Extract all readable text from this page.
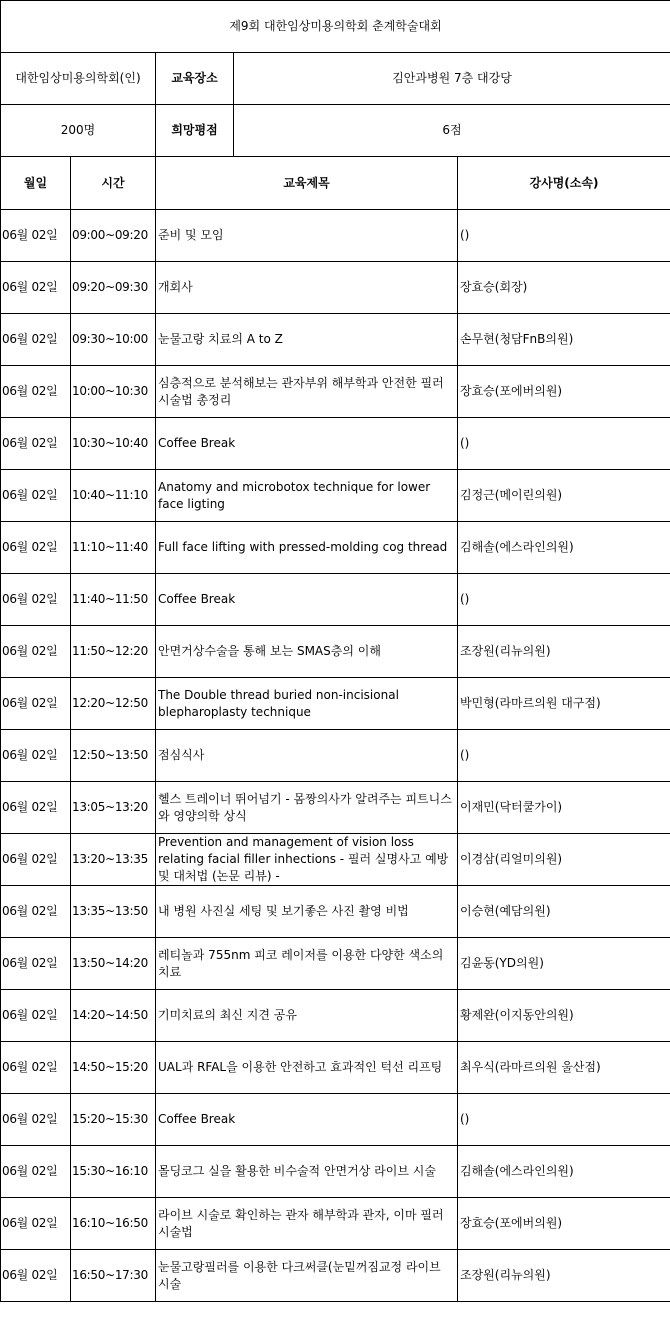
제9회 대한임상미용의학회 춘계학술대회				
대한임상미용의학회(인)		교육장소	김안과병원 7층 대강당	
200명		희망평점	6점	
월일	시간	교육제목		강사명(소속)
06월 02일	09:00~09:20	준비 및 모임		()
06월 02일	09:20~09:30	개회사		장효승(회장)
06월 02일	09:30~10:00	눈물고랑 치료의 A to Z		손무현(청담FnB의원)
06월 02일	10:00~10:30	심층적으로 분석해보는 관자부위 해부학과 안전한 필러 시술법 총정리		장효승(포에버의원)
06월 02일	10:30~10:40	Coffee Break		()
06월 02일	10:40~11:10	Anatomy and microbotox technique for lower face ligting		김정근(메이린의원)
06월 02일	11:10~11:40	Full face lifting with pressed-molding cog thread		김해솔(에스라인의원)
06월 02일	11:40~11:50	Coffee Break		()
06월 02일	11:50~12:20	안면거상수술을 통해 보는 SMAS층의 이해		조장원(리뉴의원)
06월 02일	12:20~12:50	The Double thread buried non-incisional blepharoplasty technique		박민형(라마르의원 대구점)
06월 02일	12:50~13:50	점심식사		()
06월 02일	13:05~13:20	헬스 트레이너 뛰어넘기 - 몸짱의사가 알려주는 피트니스와 영양의학 상식		이재민(닥터쿨가이)
06월 02일	13:20~13:35	Prevention and management of vision loss relating facial filler inhections - 필러 실명사고 예방 및 대처법 (논문 리뷰) -		이경삼(리얼미의원)
06월 02일	13:35~13:50	내 병원 사진실 세팅 및 보기좋은 사진 촬영 비법		이승현(예담의원)
06월 02일	13:50~14:20	레티놀과 755nm 피코 레이저를 이용한 다양한 색소의 치료		김윤동(YD의원)
06월 02일	14:20~14:50	기미치료의 최신 지견 공유		황제완(이지동안의원)
06월 02일	14:50~15:20	UAL과 RFAL을 이용한 안전하고 효과적인 턱선 리프팅		최우식(라마르의원 울산점)
06월 02일	15:20~15:30	Coffee Break		()
06월 02일	15:30~16:10	몰딩코그 실을 활용한 비수술적 안면거상 라이브 시술		김해솔(에스라인의원)
06월 02일	16:10~16:50	라이브 시술로 확인하는 관자 해부학과 관자, 이마 필러 시술법		장효승(포에버의원)
06월 02일	16:50~17:30	눈물고랑필러를 이용한 다크써클(눈밑꺼짐교정 라이브 시술		조장원(리뉴의원)
